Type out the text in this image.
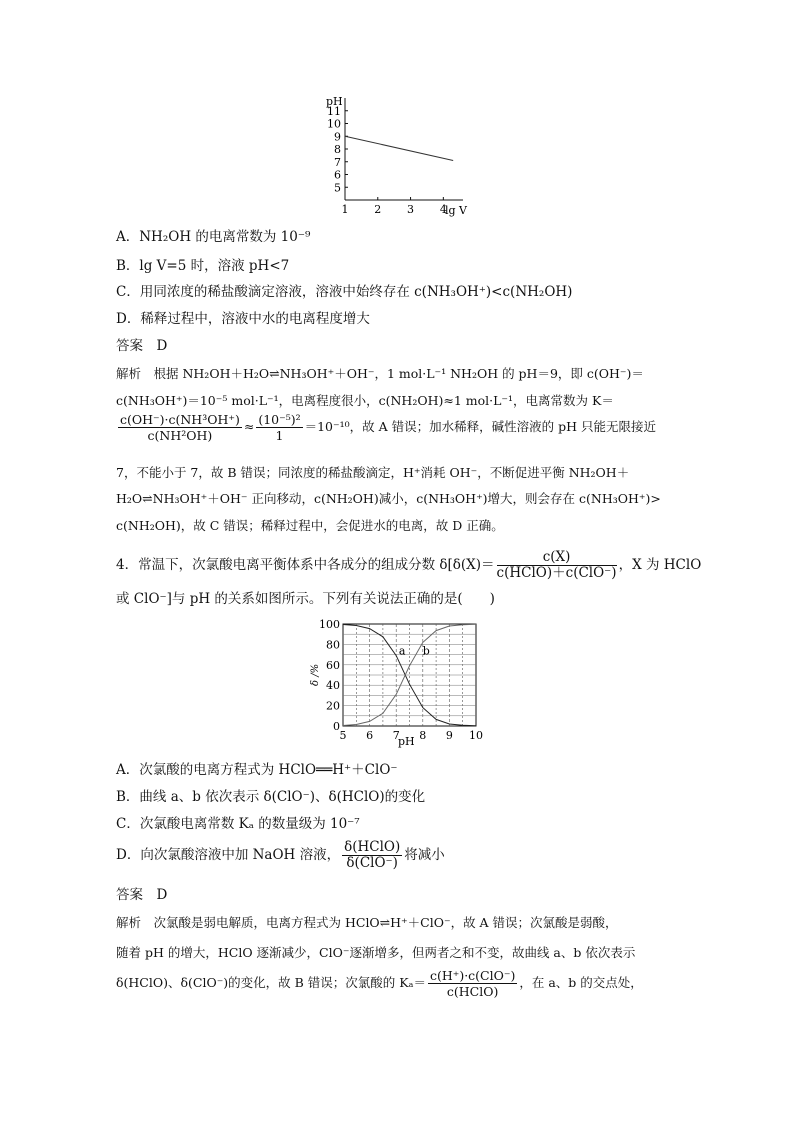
pH
lg V
11
10
9
8
7
6
5
1 2 3 4
A．NH₂OH 的电离常数为 10⁻⁹
B．lg V=5 时，溶液 pH<7
C．用同浓度的稀盐酸滴定溶液，溶液中始终存在 c(NH₃OH⁺)<c(NH₂OH)
D．稀释过程中，溶液中水的电离程度增大
答案　D
解析　根据 NH₂OH＋H₂O⇌NH₃OH⁺＋OH⁻，1 mol·L⁻¹ NH₂OH 的 pH＝9，即 c(OH⁻)＝
c(NH₃OH⁺)＝10⁻⁵ mol·L⁻¹，电离程度很小，c(NH₂OH)≈1 mol·L⁻¹，电离常数为 K＝
$\frac{\text{c(OH⁻)·c(NH³OH⁺)}}{\text{c(NH²OH)}} \approx \frac{\text{(10⁻⁵)²}}{1} =10^{-10}$，故 A 错误；加水稀释，碱性溶液的 pH 只能无限接近
7，不能小于 7，故 B 错误；同浓度的稀盐酸滴定，H⁺消耗 OH⁻，不断促进平衡 NH₂OH＋
H₂O⇌NH₃OH⁺＋OH⁻ 正向移动，c(NH₂OH)减小，c(NH₃OH⁺)增大，则会存在 c(NH₃OH⁺)>
c(NH₂OH)，故 C 错误；稀释过程中，会促进水的电离，故 D 正确。
4．常温下，次氯酸电离平衡体系中各成分的组成分数 $\delta[\delta(X)= \frac{c(X)}{\text{c(HClO)＋c(ClO⁻)}}$ ，X 为 HClO
或 ClO⁻]与 pH 的关系如图所示。下列有关说法正确的是(　　)
100
80
60
40
20
0
5 6 7 8 9 10
a b
δ /%
pH
A．次氯酸的电离方程式为 HClO══H⁺＋ClO⁻
B．曲线 a、b 依次表示 δ(ClO⁻)、δ(HClO)的变化
C．次氯酸电离常数 Kₐ 的数量级为 10⁻⁷
D．向次氯酸溶液中加 NaOH 溶液， $\frac{\text{δ(HClO)}}{\text{δ(ClO⁻)}}$ 将减小
答案　D
解析　次氯酸是弱电解质，电离方程式为 HClO⇌H⁺＋ClO⁻，故 A 错误；次氯酸是弱酸，
随着 pH 的增大，HClO 逐渐减少，ClO⁻逐渐增多，但两者之和不变，故曲线 a、b 依次表示
δ(HClO)、δ(ClO⁻)的变化，故 B 错误；次氯酸的 $K_a= \frac{\text{c(H⁺)·c(ClO⁻)}}{\text{c(HClO)}}$ ，在 a、b 的交点处，
